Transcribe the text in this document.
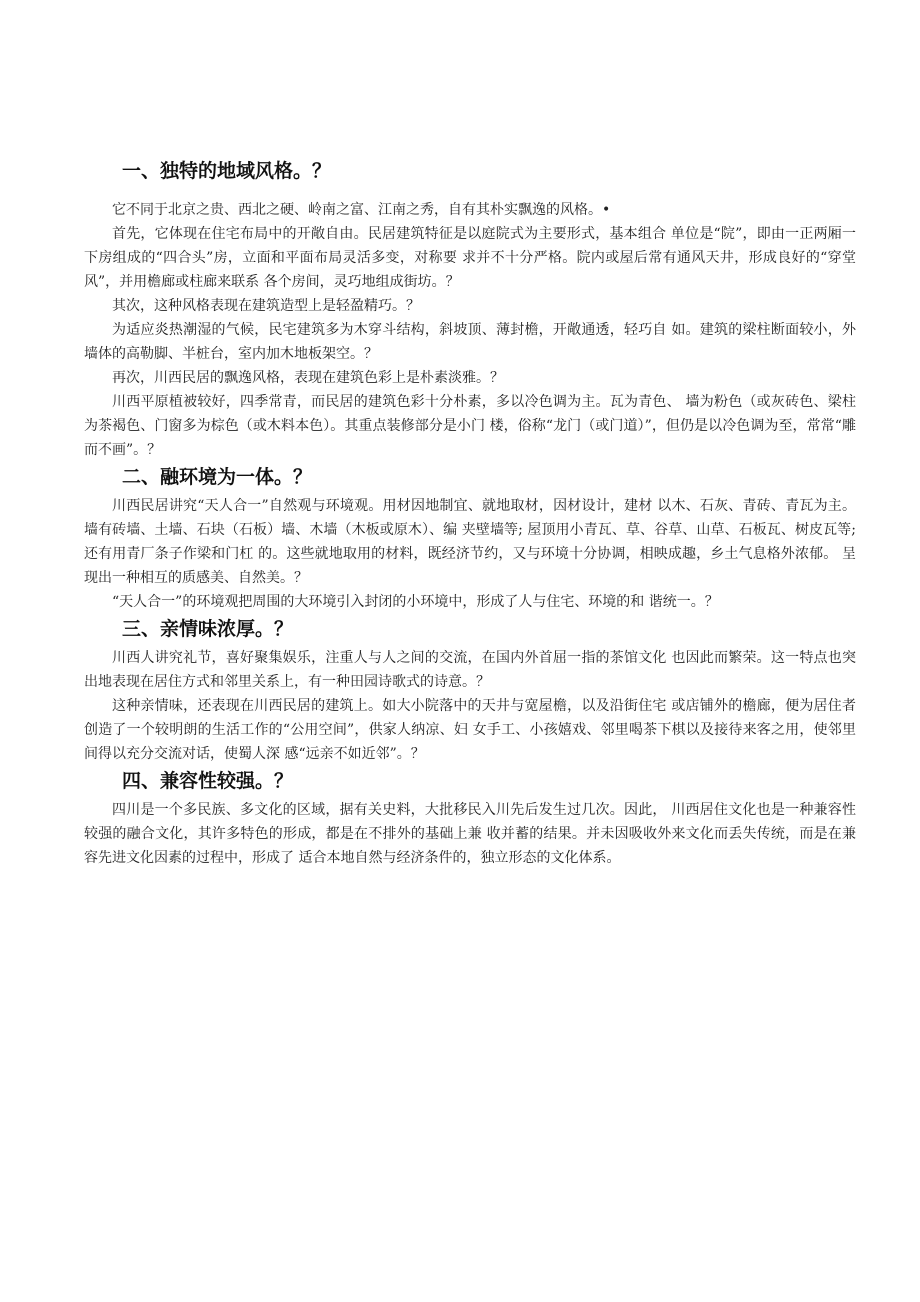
一、独特的地域风格。？

它不同于北京之贵、西北之硬、岭南之富、江南之秀，自有其朴实飘逸的风格。•

首先，它体现在住宅布局中的开敞自由。民居建筑特征是以庭院式为主要形式，基本组合 单位是“院”，即由一正两厢一下房组成的“四合头”房，立面和平面布局灵活多变，对称要 求并不十分严格。院内或屋后常有通风天井，形成良好的“穿堂风”，并用檐廊或柱廊来联系 各个房间，灵巧地组成街坊。？

其次，这种风格表现在建筑造型上是轻盈精巧。？

为适应炎热潮湿的气候，民宅建筑多为木穿斗结构，斜坡顶、薄封檐，开敞通透，轻巧自 如。建筑的梁柱断面较小，外墙体的高勒脚、半桩台，室内加木地板架空。？

再次，川西民居的飘逸风格，表现在建筑色彩上是朴素淡雅。？

川西平原植被较好，四季常青，而民居的建筑色彩十分朴素，多以冷色调为主。瓦为青色、 墙为粉色（或灰砖色、梁柱为茶褐色、门窗多为棕色（或木料本色）。其重点装修部分是小门 楼，俗称“龙门（或门道）”，但仍是以冷色调为至，常常“雕而不画”。？

二、融环境为一体。？

川西民居讲究“天人合一”自然观与环境观。用材因地制宜、就地取材，因材设计，建材 以木、石灰、青砖、青瓦为主。墙有砖墙、土墙、石块（石板）墙、木墙（木板或原木）、编 夹壁墙等; 屋顶用小青瓦、草、谷草、山草、石板瓦、树皮瓦等; 还有用青厂条子作梁和门杠 的。这些就地取用的材料，既经济节约，又与环境十分协调，相映成趣，乡土气息格外浓郁。 呈现出一种相互的质感美、自然美。？

“天人合一”的环境观把周围的大环境引入封闭的小环境中，形成了人与住宅、环境的和 谐统一。？

三、亲情味浓厚。？

川西人讲究礼节，喜好聚集娱乐，注重人与人之间的交流，在国内外首屈一指的茶馆文化 也因此而繁荣。这一特点也突出地表现在居住方式和邻里关系上，有一种田园诗歌式的诗意。？

这种亲情味，还表现在川西民居的建筑上。如大小院落中的天井与宽屋檐，以及沿街住宅 或店铺外的檐廊，便为居住者创造了一个较明朗的生活工作的“公用空间”，供家人纳凉、妇 女手工、小孩嬉戏、邻里喝茶下棋以及接待来客之用，使邻里间得以充分交流对话，使蜀人深 感“远亲不如近邻”。？

四、兼容性较强。？

四川是一个多民族、多文化的区域，据有关史料，大批移民入川先后发生过几次。因此， 川西居住文化也是一种兼容性较强的融合文化，其许多特色的形成，都是在不排外的基础上兼 收并蓄的结果。并未因吸收外来文化而丢失传统，而是在兼容先进文化因素的过程中，形成了 适合本地自然与经济条件的，独立形态的文化体系。
